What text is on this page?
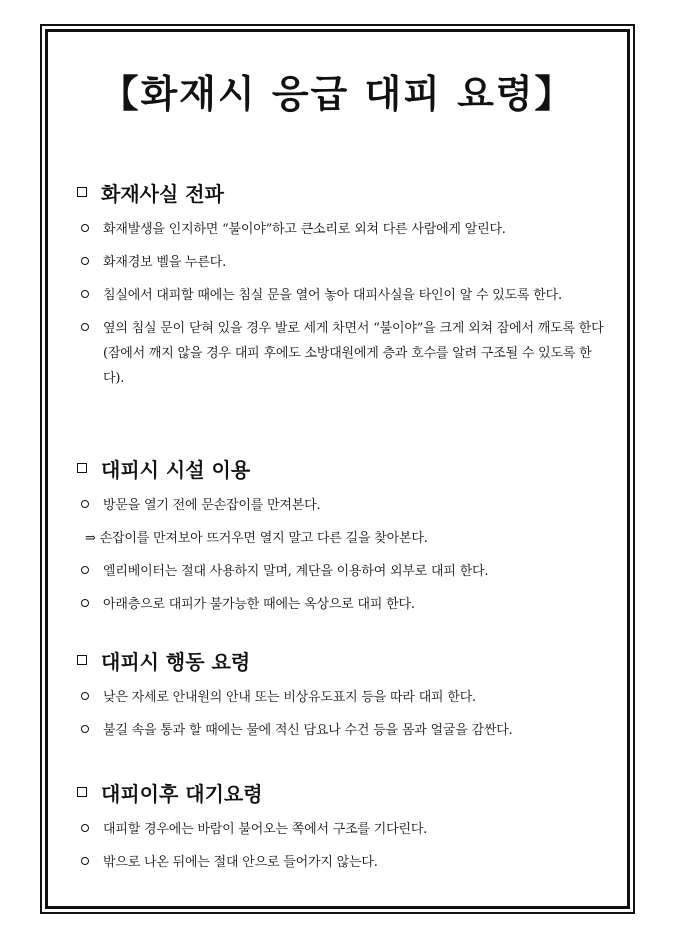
【화재시 응급 대피 요령】
화재사실 전파
화재발생을 인지하면 “불이야”하고 큰소리로 외쳐 다른 사람에게 알린다.
화재경보 벨을 누른다.
침실에서 대피할 때에는 침실 문을 열어 놓아 대피사실을 타인이 알 수 있도록 한다.
옆의 침실 문이 닫혀 있을 경우 발로 세게 차면서 “불이야”을 크게 외쳐 잠에서 깨도록 한다(잠에서 깨지 않을 경우 대피 후에도 소방대원에게 층과 호수를 알려 구조될 수 있도록 한다).
대피시 시설 이용
방문을 열기 전에 문손잡이를 만져본다.
⇒ 손잡이를 만져보아 뜨거우면 열지 말고 다른 길을 찾아본다.
엘리베이터는 절대 사용하지 말며, 계단을 이용하여 외부로 대피 한다.
아래층으로 대피가 불가능한 때에는 옥상으로 대피 한다.
대피시 행동 요령
낮은 자세로 안내원의 안내 또는 비상유도표지 등을 따라 대피 한다.
불길 속을 통과 할 때에는 물에 적신 담요나 수건 등을 몸과 얼굴을 감싼다.
대피이후 대기요령
대피할 경우에는 바람이 불어오는 쪽에서 구조를 기다린다.
밖으로 나온 뒤에는 절대 안으로 들어가지 않는다.
